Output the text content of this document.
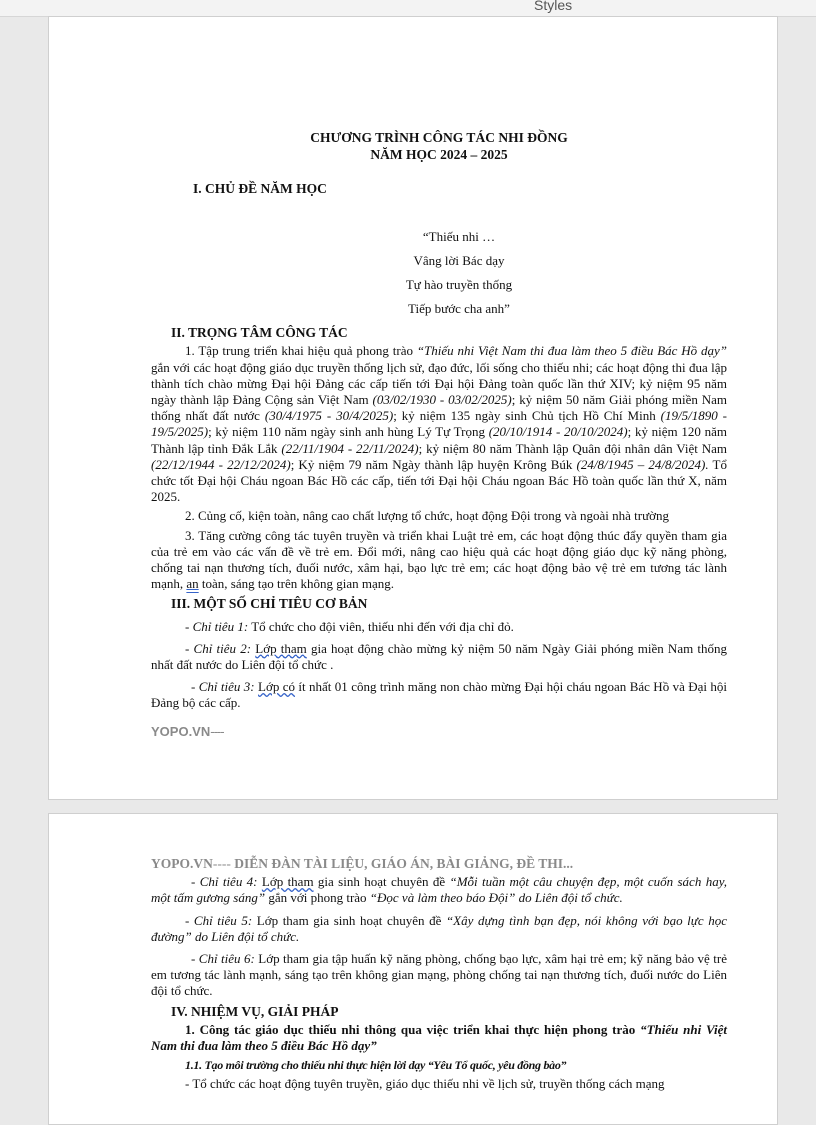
Styles
CHƯƠNG TRÌNH CÔNG TÁC NHI ĐỒNG
NĂM HỌC 2024 – 2025
I. CHỦ ĐỀ NĂM HỌC
“Thiếu nhi …
Vâng lời Bác dạy
Tự hào truyền thống
Tiếp bước cha anh”
II. TRỌNG TÂM CÔNG TÁC

1. Tập trung triển khai hiệu quả phong trào “Thiếu nhi Việt Nam thi đua làm theo 5 điều Bác Hồ dạy” gắn với các hoạt động giáo dục truyền thống lịch sử, đạo đức, lối sống cho thiếu nhi; các hoạt động thi đua lập thành tích chào mừng Đại hội Đảng các cấp tiến tới Đại hội Đảng toàn quốc lần thứ XIV; kỷ niệm 95 năm ngày thành lập Đảng Cộng sản Việt Nam (03/02/1930 - 03/02/2025); kỷ niệm 50 năm Giải phóng miền Nam thống nhất đất nước (30/4/1975 - 30/4/2025); kỷ niệm 135 ngày sinh Chủ tịch Hồ Chí Minh (19/5/1890 - 19/5/2025); kỷ niệm 110 năm ngày sinh anh hùng Lý Tự Trọng (20/10/1914 - 20/10/2024); kỷ niệm 120 năm Thành lập tỉnh Đắk Lắk (22/11/1904 - 22/11/2024); kỷ niệm 80 năm Thành lập Quân đội nhân dân Việt Nam (22/12/1944 - 22/12/2024); Kỷ niệm 79 năm Ngày thành lập huyện Krông Búk (24/8/1945 – 24/8/2024). Tổ chức tốt Đại hội Cháu ngoan Bác Hồ các cấp, tiến tới Đại hội Cháu ngoan Bác Hồ toàn quốc lần thứ X, năm 2025.

2. Củng cố, kiện toàn, nâng cao chất lượng tổ chức, hoạt động Đội trong và ngoài nhà trường

3. Tăng cường công tác tuyên truyền và triển khai Luật trẻ em, các hoạt động thúc đẩy quyền tham gia của trẻ em vào các vấn đề về trẻ em. Đổi mới, nâng cao hiệu quả các hoạt động giáo dục kỹ năng phòng, chống tai nạn thương tích, đuối nước, xâm hại, bạo lực trẻ em; các hoạt động bảo vệ trẻ em tương tác lành mạnh, an toàn, sáng tạo trên không gian mạng.

III. MỘT SỐ CHỈ TIÊU CƠ BẢN

- Chỉ tiêu 1: Tổ chức cho đội viên, thiếu nhi đến với địa chỉ đỏ.

- Chỉ tiêu 2: Lớp tham gia hoạt động chào mừng kỷ niệm 50 năm Ngày Giải phóng miền Nam thống nhất đất nước do Liên đội tổ chức .

- Chỉ tiêu 3: Lớp có ít nhất 01 công trình măng non chào mừng Đại hội cháu ngoan Bác Hồ và Đại hội Đảng bộ các cấp.

YOPO.VN----
YOPO.VN---- DIỄN ĐÀN TÀI LIỆU, GIÁO ÁN, BÀI GIẢNG, ĐỀ THI...

- Chỉ tiêu 4: Lớp tham gia sinh hoạt chuyên đề “Mỗi tuần một câu chuyện đẹp, một cuốn sách hay, một tấm gương sáng” gắn với phong trào “Đọc và làm theo báo Đội” do Liên đội tổ chức.

- Chỉ tiêu 5: Lớp tham gia sinh hoạt chuyên đề “Xây dựng tình bạn đẹp, nói không với bạo lực học đường” do Liên đội tổ chức.

- Chỉ tiêu 6: Lớp tham gia tập huấn kỹ năng phòng, chống bạo lực, xâm hại trẻ em; kỹ năng bảo vệ trẻ em tương tác lành mạnh, sáng tạo trên không gian mạng, phòng chống tai nạn thương tích, đuối nước do Liên đội tổ chức.

IV. NHIỆM VỤ, GIẢI PHÁP

1. Công tác giáo dục thiếu nhi thông qua việc triển khai thực hiện phong trào “Thiếu nhi Việt Nam thi đua làm theo 5 điều Bác Hồ dạy”

1.1. Tạo môi trường cho thiếu nhi thực hiện lời dạy “Yêu Tổ quốc, yêu đồng bào”

- Tổ chức các hoạt động tuyên truyền, giáo dục thiếu nhi về lịch sử, truyền thống cách mạng
